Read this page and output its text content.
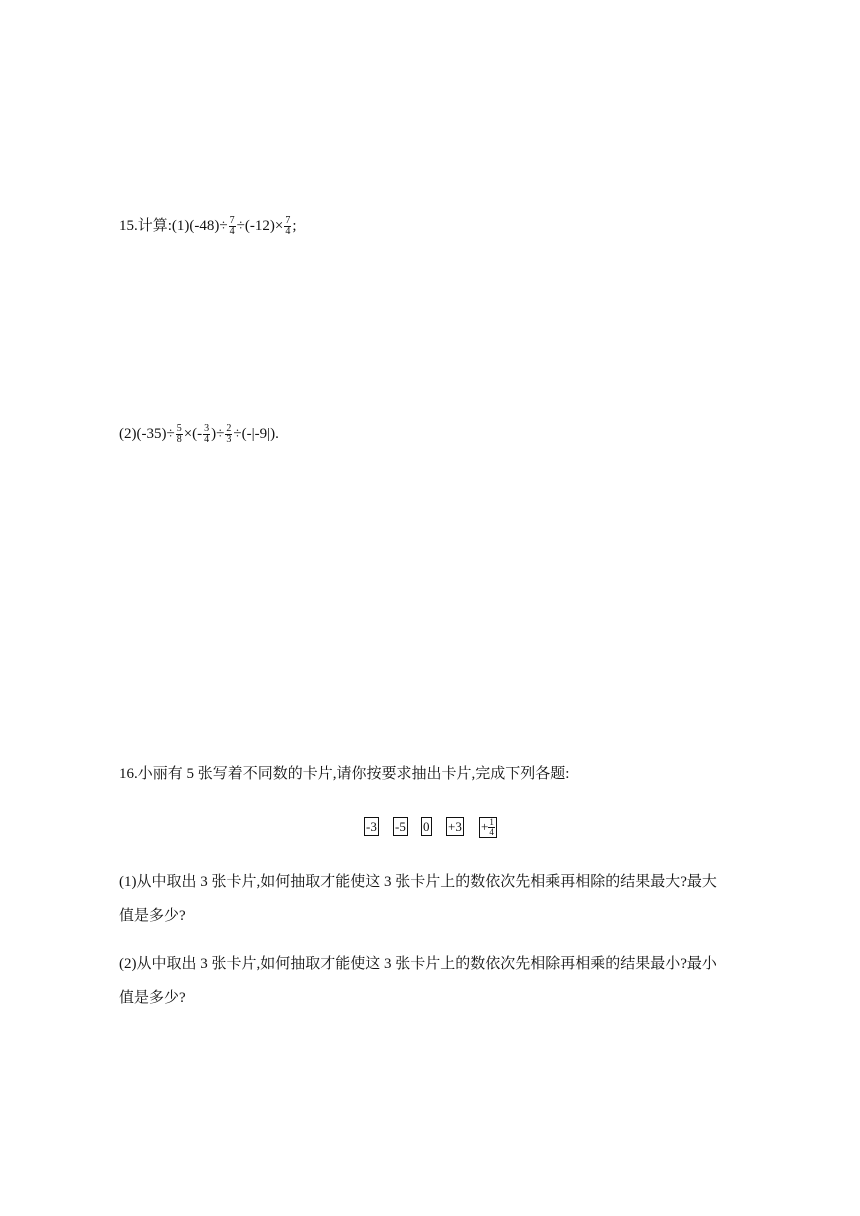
15.计算:(1)(-48)÷ $\frac{7}{4} \div(-12)\times \frac{7}{4}$ ;
$(2)(-35)\div \frac{5}{8}$ ×(- $\frac{3}{4}$ )÷ $\frac{2}{3} \div(-|-9|)$.
16.小丽有 5 张写着不同数的卡片,请你按要求抽出卡片,完成下列各题:
-3 -5 $0 +3 + \frac{1}{4}$
(1)从中取出 3 张卡片,如何抽取才能使这 3 张卡片上的数依次先相乘再相除的结果最大?最大
值是多少?
(2)从中取出 3 张卡片,如何抽取才能使这 3 张卡片上的数依次先相除再相乘的结果最小?最小
值是多少?
